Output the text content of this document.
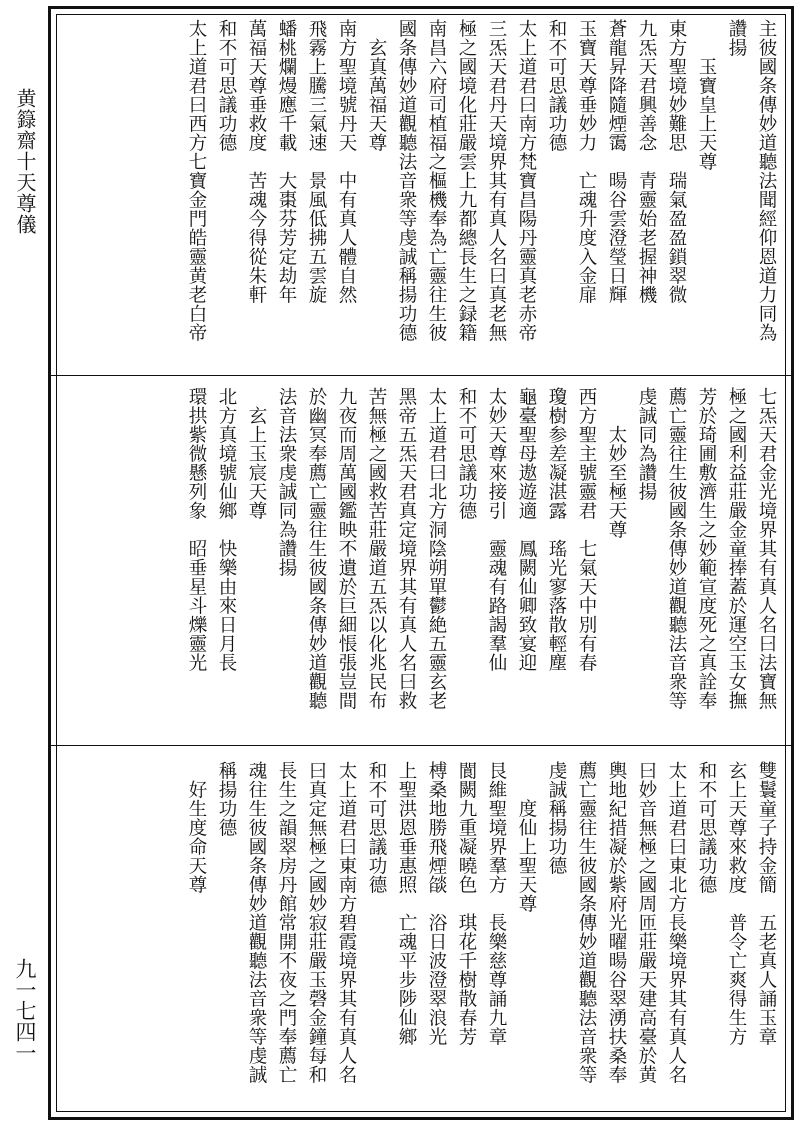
黄籙齋十天尊儀
九一七四一
主彼國条傳妙道聽法聞經仰恩道力同為
讚揚
　　玉寶皇上天尊
東方聖境妙難思　瑞氣盈盈鎖翠微
九炁天君興善念　青靈始老握神機
蒼龍昇降隨煙霭　暘谷雲澄瑩日輝
玉寶天尊垂妙力　亡魂升度入金扉
和不可思議功德
太上道君曰南方梵寶昌陽丹靈真老赤帝
三炁天君丹天境界其有真人名曰真老無
極之國境化莊嚴雲上九都總長生之録籍
南昌六府司植福之樞機奉為亡靈往生彼
國条傳妙道觀聽法音衆等虔誠稱揚功德
　玄真萬福天尊
南方聖境號丹天　中有真人體自然
飛霧上騰三氣速　景風低拂五雲旋
蟠桃爛熳應千載　大棗芬芳定劫年
萬福天尊垂救度　苦魂今得從朱軒
和不可思議功德
太上道君曰西方七寶金門皓靈黄老白帝
七炁天君金光境界其有真人名曰法寶無
極之國利益莊嚴金童捧蓋於運空玉女撫
芳於琦圃敷濟生之妙範宣度死之真詮奉
薦亡靈往生彼國条傳妙道觀聽法音衆等
虔誠同為讚揚
　　太妙至極天尊
西方聖主號靈君　七氣天中別有春
瓊樹参差凝湛露　瑤光寥落散輕塵
龜臺聖母遨遊適　鳳闕仙卿致宴迎
太妙天尊來接引　靈魂有路謁羣仙
和不可思議功德
太上道君曰北方洞陰朔單鬱絶五靈玄老
黑帝五炁天君真定境界其有真人名曰救
苦無極之國救苦莊嚴道五炁以化兆民布
九夜而周萬國鑑映不遺於巨細悵張豈間
於幽冥奉薦亡靈往生彼國条傳妙道觀聽
法音法衆虔誠同為讚揚
　玄上玉宸天尊
北方真境號仙鄉　快樂由來日月長
環拱紫微懸列象　昭垂星斗爍靈光
雙鬟童子持金簡　五老真人誦玉章
玄上天尊來救度　普令亡爽得生方
和不可思議功德
太上道君曰東北方長樂境界其有真人名
曰妙音無極之國周匝莊嚴天建高臺於黄
輿地紀措凝於紫府光曜暘谷翠湧扶桑奉
薦亡靈往生彼國条傳妙道觀聽法音衆等
虔誠稱揚功德
　　度仙上聖天尊
艮維聖境界羣方　長樂慈尊誦九章
閬闕九重凝曉色　琪花千樹散春芳
榑桑地勝飛煙燄　浴日波澄翠浪光
上聖洪恩垂惠照　亡魂平步陟仙鄉
和不可思議功德
太上道君曰東南方碧霞境界其有真人名
曰真定無極之國妙寂莊嚴玉磬金鐘每和
長生之韻翠房丹館常開不夜之門奉薦亡
魂往生彼國条傳妙道觀聽法音衆等虔誠
稱揚功德
　好生度命天尊
